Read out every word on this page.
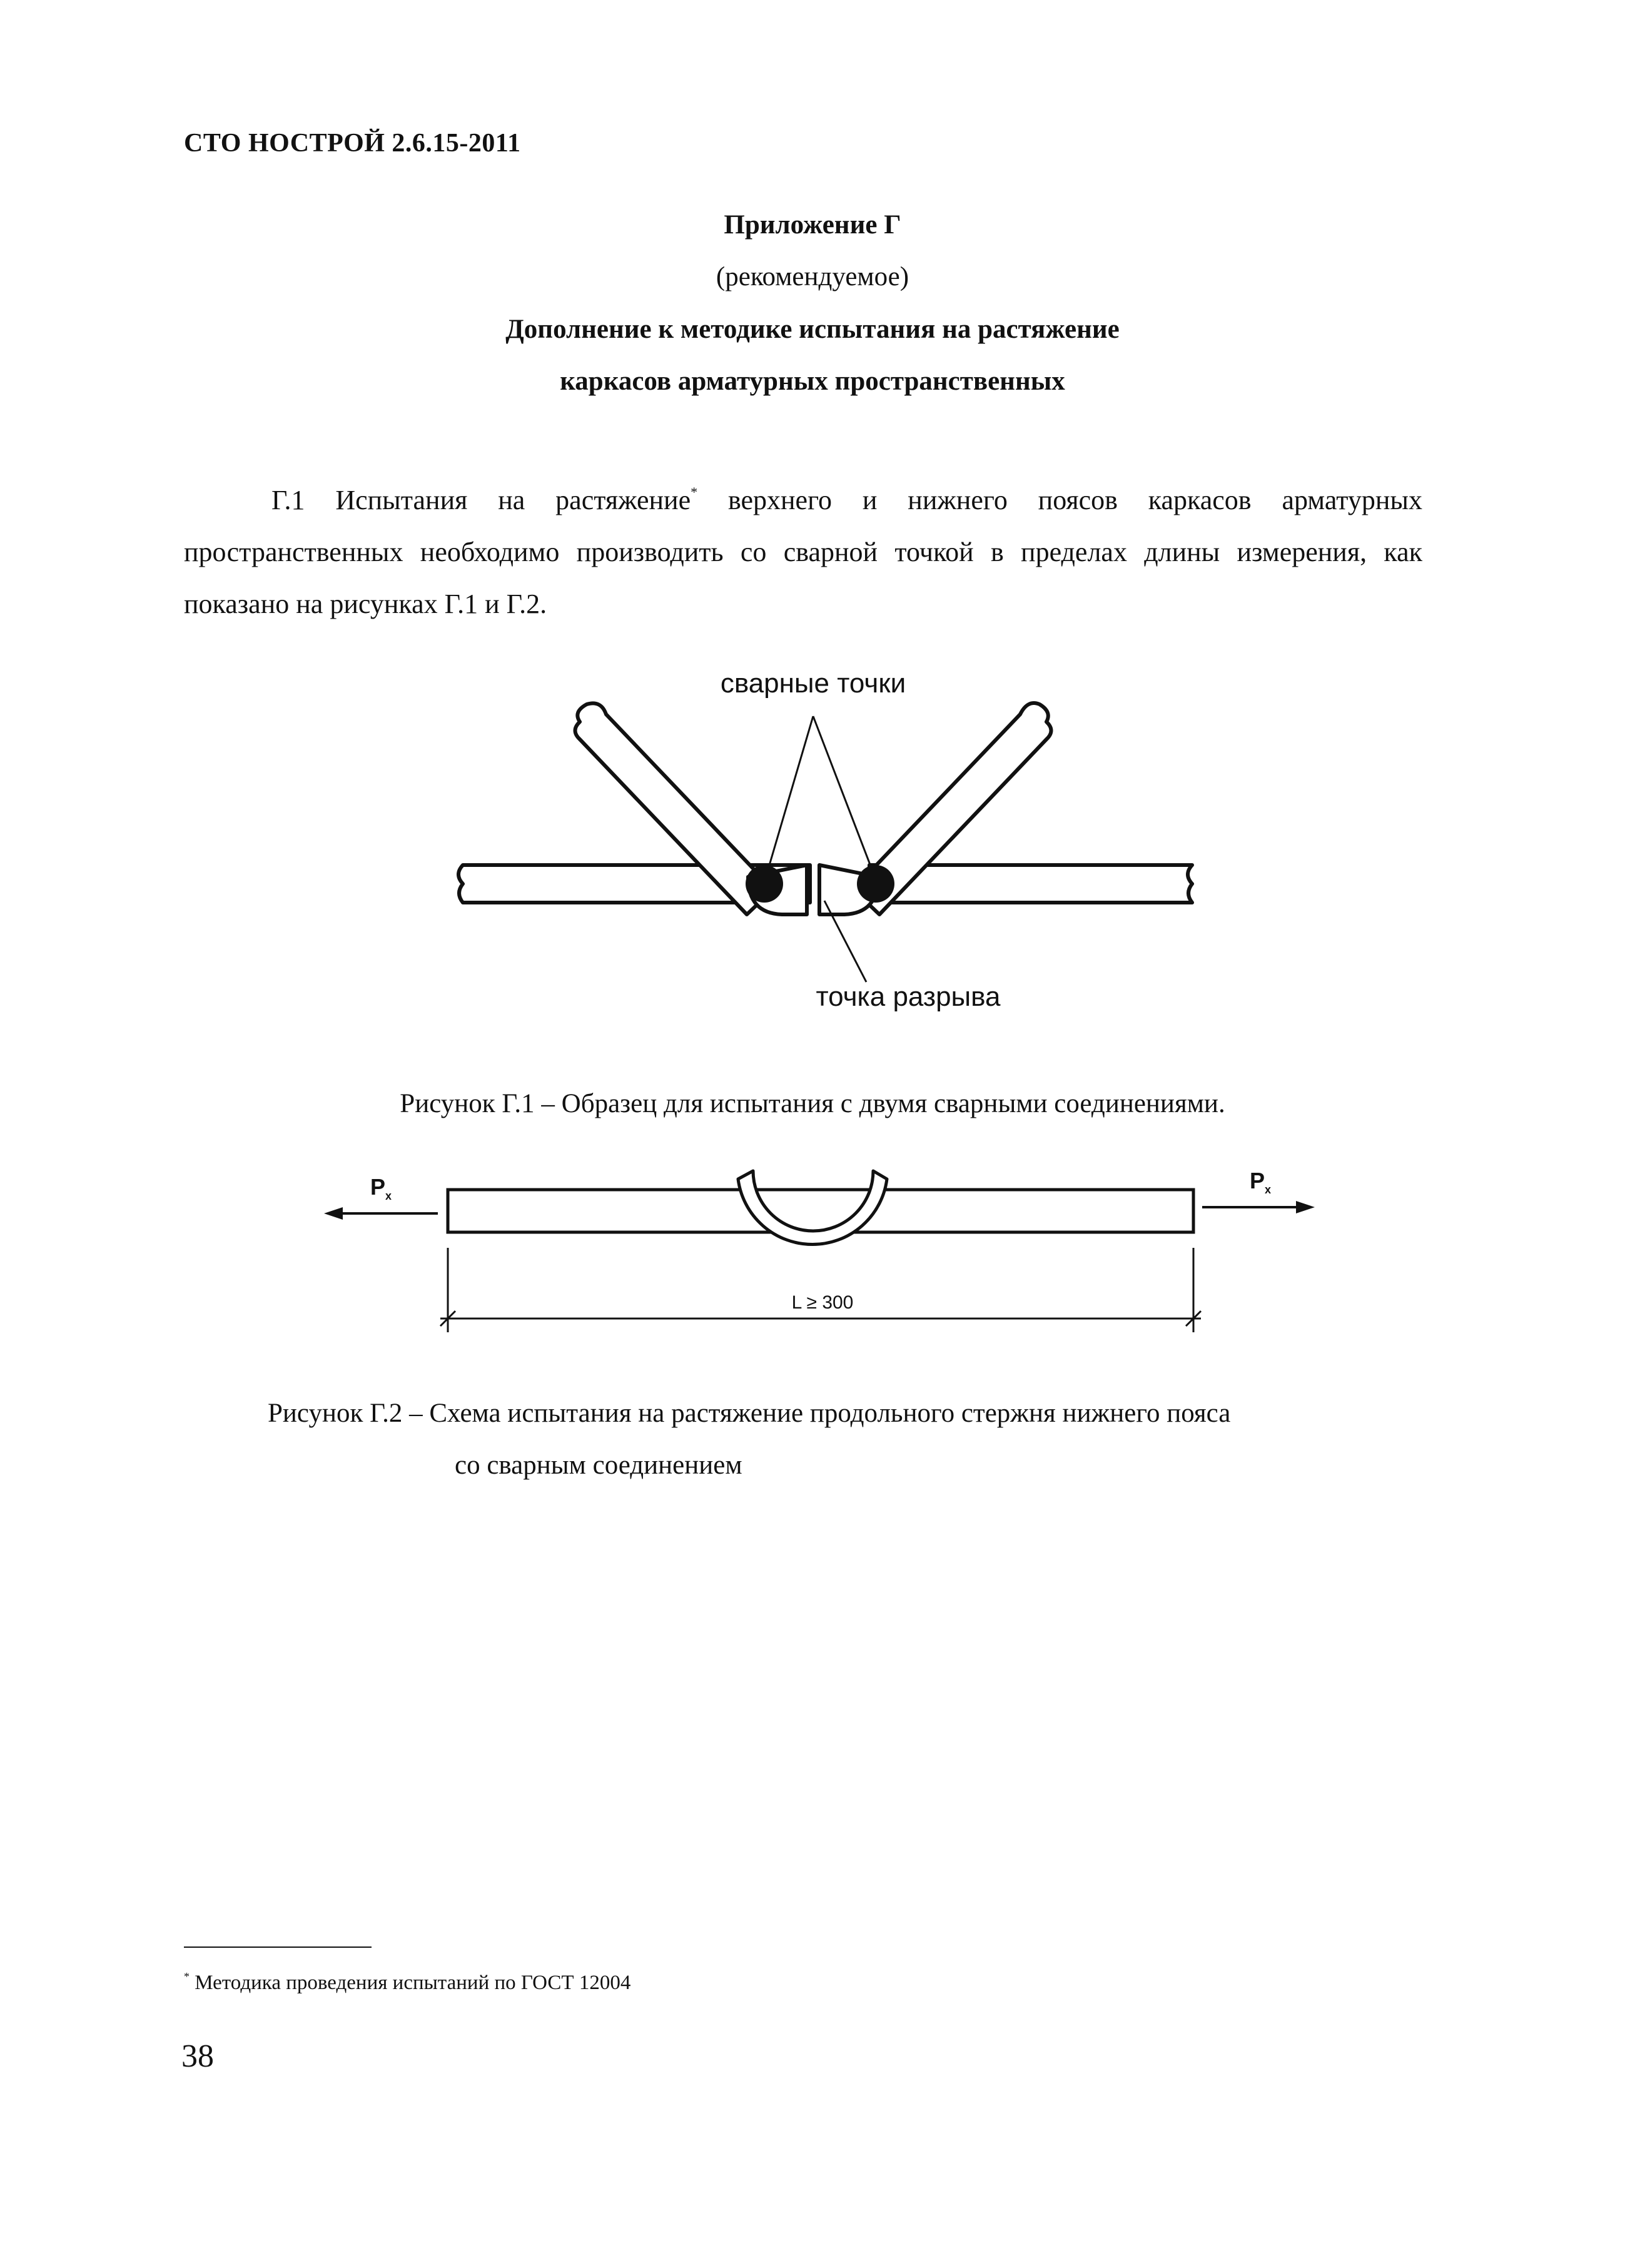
СТО НОСТРОЙ 2.6.15-2011
Приложение Г
(рекомендуемое)
Дополнение к методике испытания на растяжение
каркасов арматурных пространственных
Г.1 Испытания на растяжение* верхнего и нижнего поясов каркасов арматурных пространственных необходимо производить со сварной точкой в пределах длины измерения, как показано на рисунках Г.1 и Г.2.
сварные точки
точка разрыва
Рисунок Г.1 – Образец для испытания с двумя сварными соединениями.
$P_x$
$P_x$
L ≥ 300
Рисунок Г.2 – Схема испытания на растяжение продольного стержня нижнего пояса
со сварным соединением
* Методика проведения испытаний по ГОСТ 12004
38
